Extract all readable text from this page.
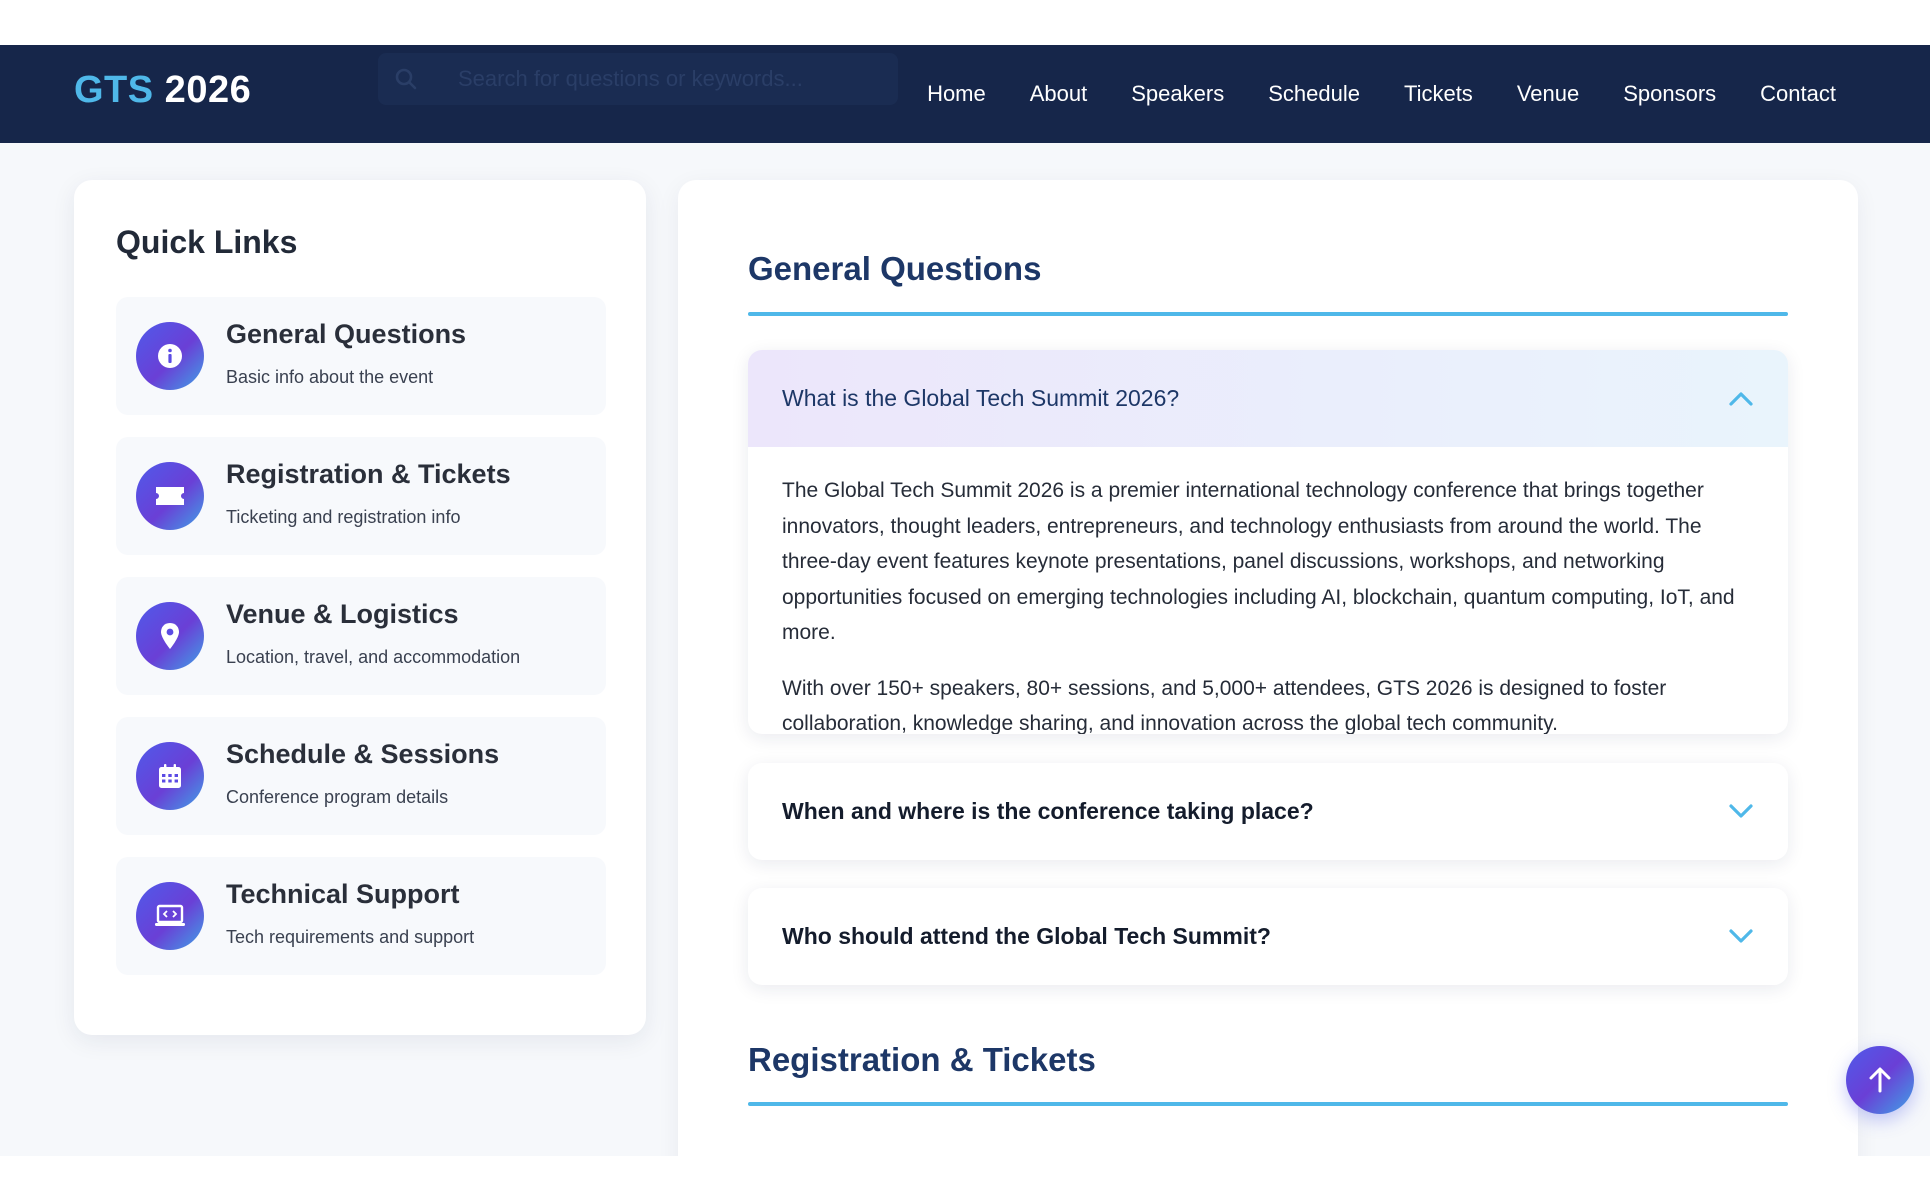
GTS 2026
Search for questions or keywords...	Home About Speakers Schedule Tickets Venue Sponsors Contact
Quick Links
General Questions
Basic info about the event
Registration & Tickets
Ticketing and registration info
Venue & Logistics
Location, travel, and accommodation
Schedule & Sessions
Conference program details
Technical Support
Tech requirements and support
General Questions
What is the Global Tech Summit 2026?

The Global Tech Summit 2026 is a premier international technology conference that brings together innovators, thought leaders, entrepreneurs, and technology enthusiasts from around the world. The three-day event features keynote presentations, panel discussions, workshops, and networking opportunities focused on emerging technologies including AI, blockchain, quantum computing, IoT, and more.

With over 150+ speakers, 80+ sessions, and 5,000+ attendees, GTS 2026 is designed to foster collaboration, knowledge sharing, and innovation across the global tech community.

When and where is the conference taking place?
Who should attend the Global Tech Summit?
Registration & Tickets
